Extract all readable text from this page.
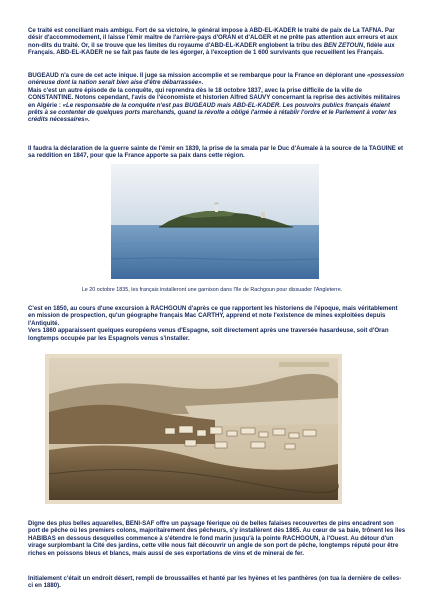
Ce traité est conciliant mais ambigu. Fort de sa victoire, le général impose à ABD-EL-KADER le traité de paix de La TAFNA. Par désir d'accommodement, il laisse l'émir maître de l'arrière-pays d'ORAN et d'ALGER et ne prête pas attention aux erreurs et aux non-dits du traité. Or, il se trouve que les limites du royaume d'ABD-EL-KADER englobent la tribu des BEN ZETOUN, fidèle aux Français. ABD-EL-KADER ne se fait pas faute de les égorger, à l'exception de 1 600 survivants que recueillent les Français.

BUGEAUD n'a cure de cet acte inique. Il juge sa mission accomplie et se rembarque pour la France en déplorant une «possession onéreuse dont la nation serait bien aise d'être débarrassée».
Mais c'est un autre épisode de la conquête, qui reprendra dès le 18 octobre 1837, avec la prise difficile de la ville de CONSTANTINE. Notons cependant, l'avis de l'économiste et historien Alfred SAUVY concernant la reprise des activités militaires en Algérie : «Le responsable de la conquête n'est pas BUGEAUD mais ABD-EL-KADER. Les pouvoirs publics français étaient prêts à se contenter de quelques ports marchands, quand la révolte a obligé l'armée à rétablir l'ordre et le Parlement à voter les crédits nécessaires».

Il faudra la déclaration de la guerre sainte de l'émir en 1839, la prise de la smala par le Duc d'Aumale à la source de la TAGUINE et sa reddition en 1847, pour que la France apporte sa paix dans cette région.

Le 20 octobre 1835, les français installeront une garnison dans l'île de Rachgoun pour dissuader l'Angleterre.

C'est en 1850, au cours d'une excursion à RACHGOUN d'après ce que rapportent les historiens de l'époque, mais véritablement en mission de prospection, qu'un géographe français Mac CARTHY, apprend et note l'existence de mines exploitées depuis l'Antiquité.
Vers 1860 apparaissent quelques européens venus d'Espagne, soit directement après une traversée hasardeuse, soit d'Oran longtemps occupée par les Espagnols venus s'installer.

Digne des plus belles aquarelles, BENI-SAF offre un paysage féerique où de belles falaises recouvertes de pins encadrent son port de pêche où les premiers colons, majoritairement des pêcheurs, s'y installèrent dès 1865. Au cœur de sa baie, trônent les îles HABIBAS en dessous desquelles commence à s'étendre le fond marin jusqu'à la pointe RACHGOUN, à l'Ouest. Au détour d'un virage surplombant la Cité des jardins, cette ville nous fait découvrir un angle de son port de pêche, longtemps réputé pour être riches en poissons bleus et blancs, mais aussi de ses exportations de vins et de minerai de fer.

Initialement c'était un endroit désert, rempli de broussailles et hanté par les hyènes et les panthères (on tua la dernière de celles-ci en 1880).
